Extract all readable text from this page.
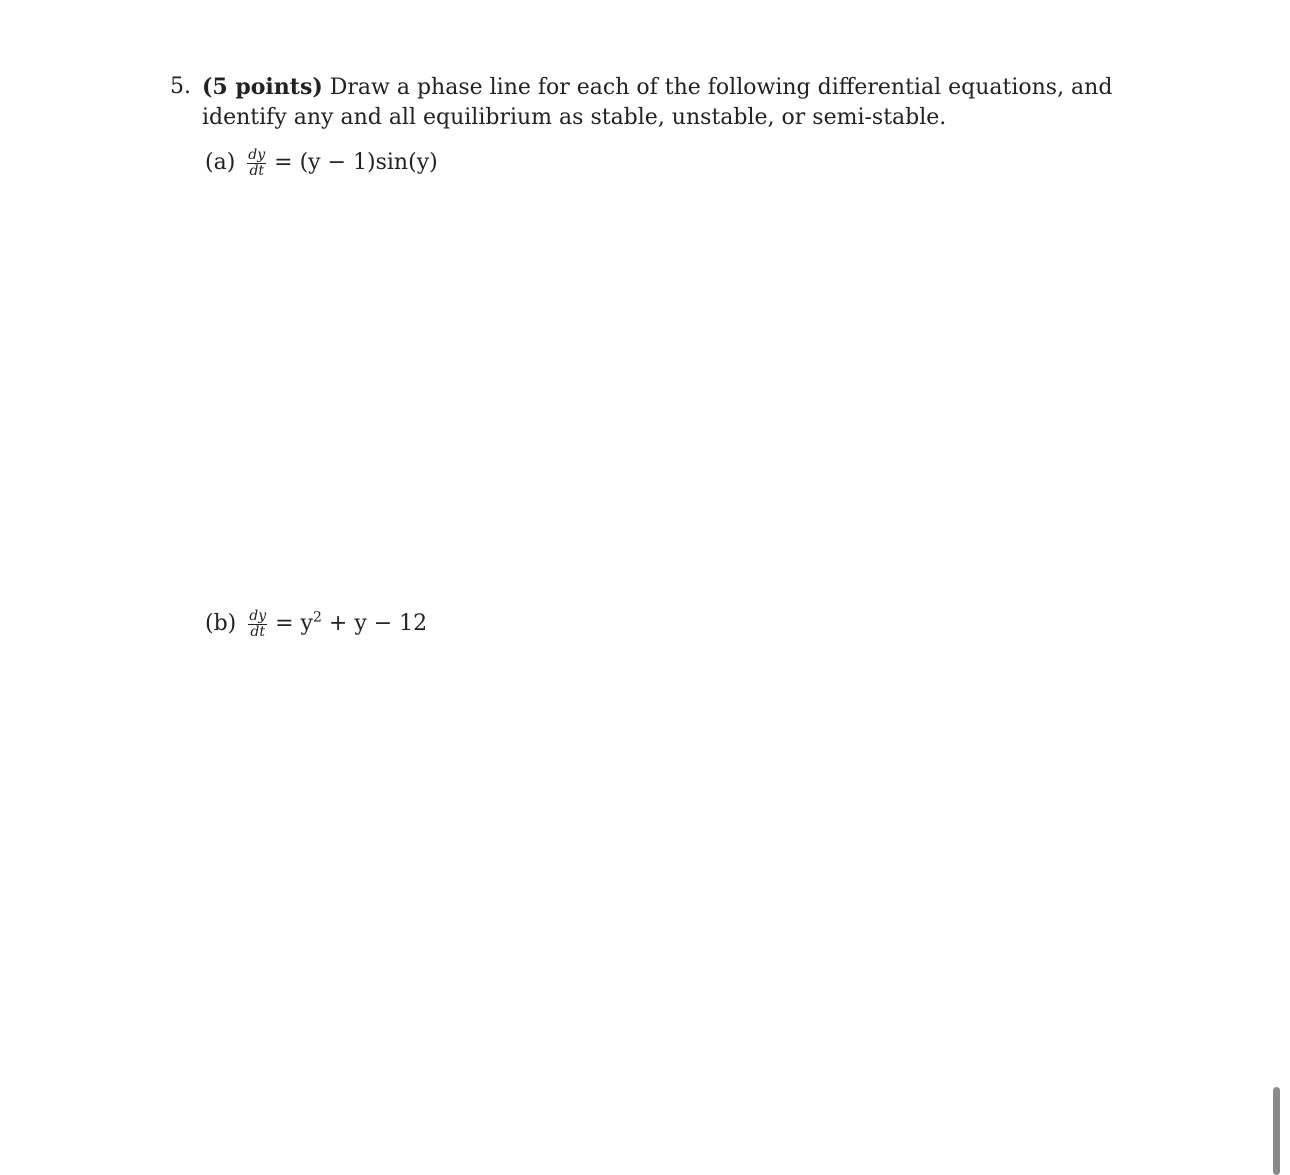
5. (5 points) Draw a phase line for each of the following differential equations, and identify any and all equilibrium as stable, unstable, or semi-stable.
$(a) \frac{dy}{dt} = (y - 1)\sin(y)$
$(b) \frac{dy}{dt} = y^2 + y - 12$
